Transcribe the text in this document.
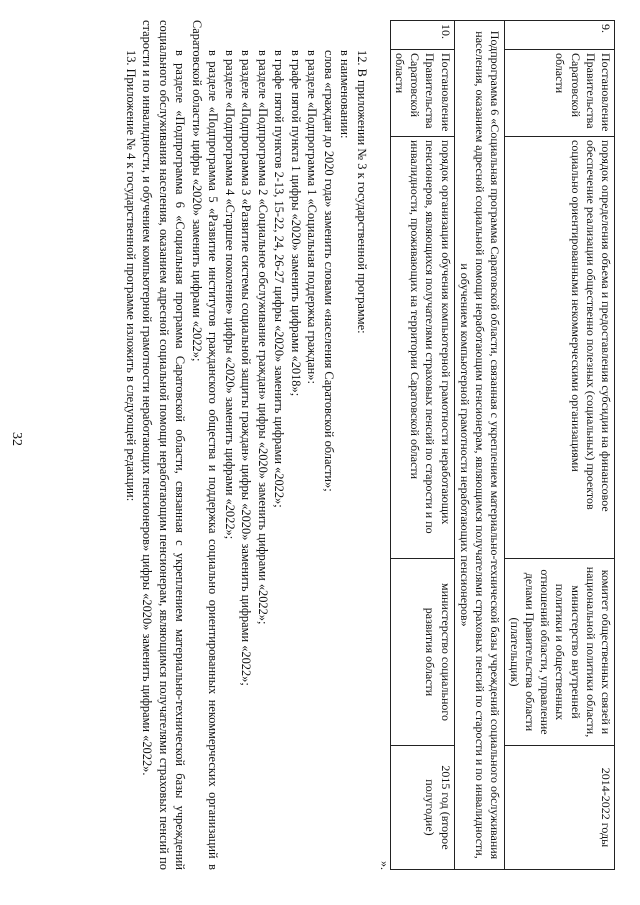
32
9.	Постановление Правительства Саратовской области	порядок определения объема и предоставления субсидии на финансовое обеспечение реализации общественно полезных (социальных) проектов социально ориентированными некоммерческими организациями	комитет общественных связей и национальной политики области, министерство внутренней политики и общественных отношений области, управление делами Правительства области (плательщик)	2014-2022 годы
Подпрограмма 6 «Социальная программа Саратовской области, связанная с укреплением материально-технической базы учреждений социального обслуживания населения, оказанием адресной социальной помощи неработающим пенсионерам, являющимся получателями страховых пенсий по старости и по инвалидности, и обучением компьютерной грамотности неработающих пенсионеров»				
10.	Постановление Правительства Саратовской области	порядок организации обучения компьютерной грамотности неработающих пенсионеров, являющихся получателями страховых пенсий по старости и по инвалидности, проживающих на территории Саратовской области	министерство социального развития области	2015 год (второе полугодие)
».

12. В приложении № 3 к государственной программе:

в наименовании:

слова «граждан до 2020 года» заменить словами «населения Саратовской области»;

в разделе «Подпрограмма 1 «Социальная поддержка граждан»:

в графе пятой пункта 1 цифры «2020» заменить цифрами «2018»;

в графе пятой пунктов 2-13, 15-22, 24, 26-27 цифры «2020» заменить цифрами «2022»;

в разделе «Подпрограмма 2 «Социальное обслуживание граждан» цифры «2020» заменить цифрами «2022»;

в разделе «Подпрограмма 3 «Развитие системы социальной защиты граждан» цифры «2020» заменить цифрами «2022»;

в разделе «Подпрограмма 4 «Старшее поколение» цифры «2020» заменить цифрами «2022»;

в разделе «Подпрограмма 5 «Развитие институтов гражданского общества и поддержка социально ориентированных некоммерческих организаций в Саратовской области» цифры «2020» заменить цифрами «2022»;

в разделе «Подпрограмма 6 «Социальная программа Саратовской области, связанная с укреплением материально-технической базы учреждений социального обслуживания населения, оказанием адресной социальной помощи неработающим пенсионерам, являющимся получателями страховых пенсий по старости и по инвалидности, и обучением компьютерной грамотности неработающих пенсионеров» цифры «2020» заменить цифрами «2022».

13. Приложение № 4 к государственной программе изложить в следующей редакции:
